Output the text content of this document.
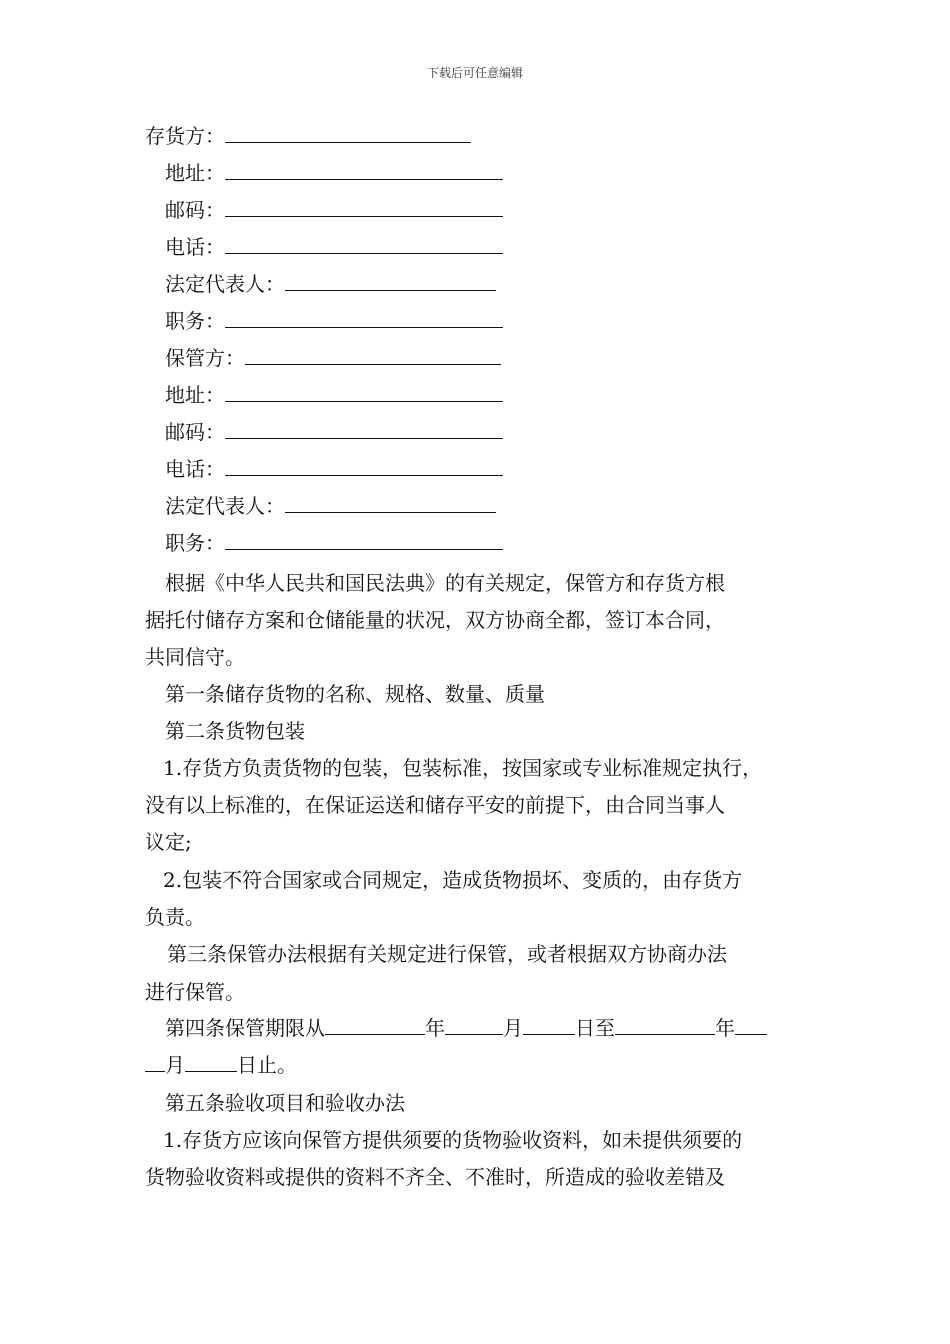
下载后可任意编辑
存货方：
地址：
邮码：
电话：
法定代表人：
职务：
保管方：
地址：
邮码：
电话：
法定代表人：
职务：
根据《中华人民共和国民法典》的有关规定，保管方和存货方根
据托付储存方案和仓储能量的状况，双方协商全都，签订本合同，
共同信守。
第一条储存货物的名称、规格、数量、质量
第二条货物包装
1.存货方负责货物的包装，包装标准，按国家或专业标准规定执行，
没有以上标准的，在保证运送和储存平安的前提下，由合同当事人
议定;
2.包装不符合国家或合同规定，造成货物损坏、变质的，由存货方
负责。
第三条保管办法根据有关规定进行保管，或者根据双方协商办法
进行保管。
第四条保管期限从	年	月	日至	年
月	日止。
第五条验收项目和验收办法
1.存货方应该向保管方提供须要的货物验收资料，如未提供须要的
货物验收资料或提供的资料不齐全、不准时，所造成的验收差错及
